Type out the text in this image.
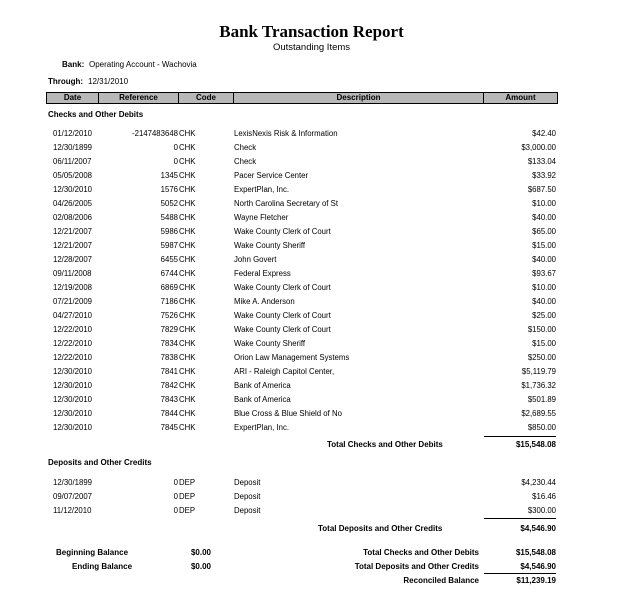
Bank Transaction Report
Outstanding Items
Bank: Operating Account - Wachovia
Through: 12/31/2010
Date	Reference	Code	Description	Amount
Checks and Other Debits
01/12/2010	-2147483648 CHK	LexisNexis Risk & Information	$42.40
12/30/1899	0 CHK	Check	$3,000.00
06/11/2007	0 CHK	Check	$133.04
05/05/2008	1345 CHK	Pacer Service Center	$33.92
12/30/2010	1576 CHK	ExpertPlan, Inc.	$687.50
04/26/2005	5052 CHK	North Carolina Secretary of St	$10.00
02/08/2006	5488 CHK	Wayne Fletcher	$40.00
12/21/2007	5986 CHK	Wake County Clerk of Court	$65.00
12/21/2007	5987 CHK	Wake County Sheriff	$15.00
12/28/2007	6455 CHK	John Govert	$40.00
09/11/2008	6744 CHK	Federal Express	$93.67
12/19/2008	6869 CHK	Wake County Clerk of Court	$10.00
07/21/2009	7186 CHK	Mike A. Anderson	$40.00
04/27/2010	7526 CHK	Wake County Clerk of Court	$25.00
12/22/2010	7829 CHK	Wake County Clerk of Court	$150.00
12/22/2010	7834 CHK	Wake County Sheriff	$15.00
12/22/2010	7838 CHK	Orion Law Management Systems	$250.00
12/30/2010	7841 CHK	ARI - Raleigh Capitol Center,	$5,119.79
12/30/2010	7842 CHK	Bank of America	$1,736.32
12/30/2010	7843 CHK	Bank of America	$501.89
12/30/2010	7844 CHK	Blue Cross & Blue Shield of No	$2,689.55
12/30/2010	7845 CHK	ExpertPlan, Inc.	$850.00
Total Checks and Other Debits	$15,548.08
Deposits and Other Credits
12/30/1899	0 DEP	Deposit	$4,230.44
09/07/2007	0 DEP	Deposit	$16.46
11/12/2010	0 DEP	Deposit	$300.00
Total Deposits and Other Credits	$4,546.90
Beginning Balance	$0.00
Ending Balance	$0.00
Total Checks and Other Debits	$15,548.08
Total Deposits and Other Credits	$4,546.90
Reconciled Balance	$11,239.19
